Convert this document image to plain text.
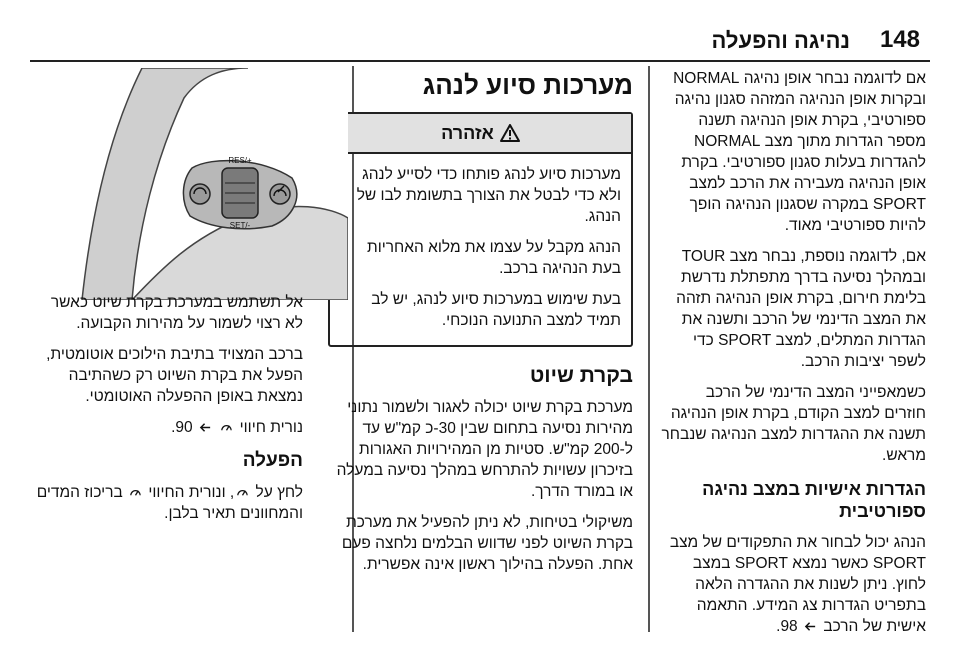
148
נהיגה והפעלה

אם לדוגמה נבחר אופן נהיגה NORMAL ובקרות אופן הנהיגה המזהה סגנון נהיגה ספורטיבי, בקרת אופן הנהיגה תשנה מספר הגדרות מתוך מצב NORMAL להגדרות בעלות סגנון ספורטיבי. בקרת אופן הנהיגה מעבירה את הרכב למצב SPORT במקרה שסגנון הנהיגה הופך להיות ספורטיבי מאוד.

אם, לדוגמה נוספת, נבחר מצב TOUR ובמהלך נסיעה בדרך מתפתלת נדרשת בלימת חירום, בקרת אופן הנהיגה תזהה את המצב הדינמי של הרכב ותשנה את הגדרות המתלים, למצב SPORT כדי לשפר יציבות הרכב.

כשמאפייני המצב הדינמי של הרכב חוזרים למצב הקודם, בקרת אופן הנהיגה תשנה את ההגדרות למצב הנהיגה שנבחר מראש.

הגדרות אישיות במצב נהיגה ספורטיבית

הנהג יכול לבחור את התפקודים של מצב SPORT כאשר נמצא SPORT במצב לחוץ. ניתן לשנות את ההגדרה הלאה בתפריט הגדרות צג המידע. התאמה אישית של הרכב  98.

מערכות סיוע לנהג
אזהרה

מערכות סיוע לנהג פותחו כדי לסייע לנהג ולא כדי לבטל את הצורך בתשומת לבו של הנהג.

הנהג מקבל על עצמו את מלוא האחריות בעת הנהיגה ברכב.

בעת שימוש במערכות סיוע לנהג, יש לב תמיד למצב התנועה הנוכחי.

בקרת שיוט

מערכת בקרת שיוט יכולה לאגור ולשמור נתוני מהירות נסיעה בתחום שבין 30-כ קמ"ש עד ל-200 קמ"ש. סטיות מן המהירויות האגורות בזיכרון עשויות להתרחש במהלך נסיעה במעלה או במורד הדרך.

משיקולי בטיחות, לא ניתן להפעיל את מערכת בקרת השיוט לפני שדווש הבלמים נלחצה פעם אחת. הפעלה בהילוך ראשון אינה אפשרית.

RES/+
SET/-

אל תשתמש במערכת בקרת שיוט כאשר לא רצוי לשמור על מהירות הקבועה.

ברכב המצויד בתיבת הילוכים אוטומטית, הפעל את בקרת השיוט רק כשהתיבה נמצאת באופן ההפעלה האוטומטי.

נורית חיווי   90.

הפעלה

לחץ על , ונורית החיווי  בריכוז המדים והמחוונים תאיר בלבן.
